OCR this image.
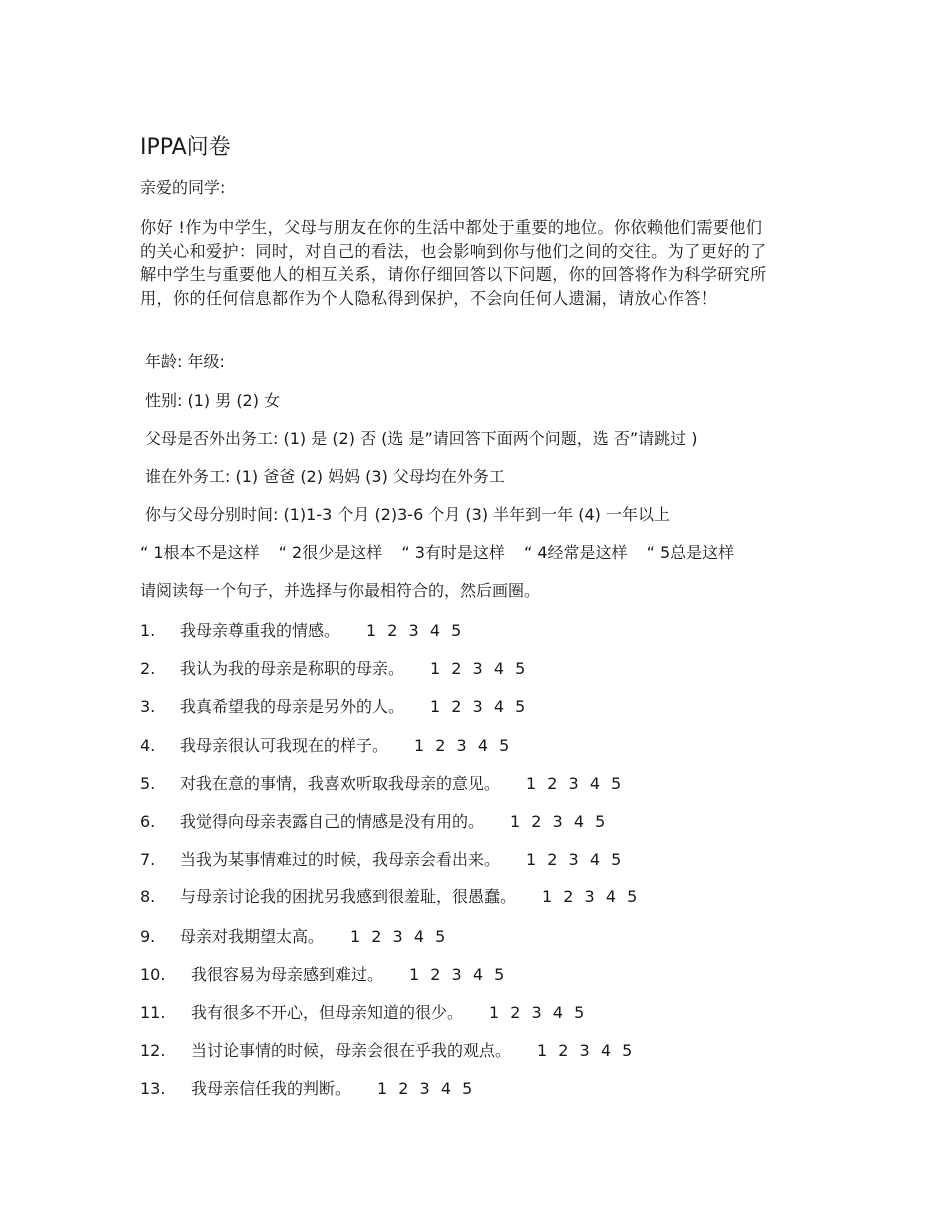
IPPA问卷
亲爱的同学:
你好 !作为中学生，父母与朋友在你的生活中都处于重要的地位。你依赖他们需要他们的关心和爱护：同时，对自己的看法，也会影响到你与他们之间的交往。为了更好的了解中学生与重要他人的相互关系，请你仔细回答以下问题，你的回答将作为科学研究所用，你的任何信息都作为个人隐私得到保护，不会向任何人遗漏，请放心作答！
年龄: 年级:
性别: (1) 男 (2) 女
父母是否外出务工: (1) 是 (2) 否 (选 是”请回答下面两个问题，选 否”请跳过 )
谁在外务工: (1) 爸爸 (2) 妈妈 (3) 父母均在外务工
你与父母分别时间: (1)1-3 个月 (2)3-6 个月 (3) 半年到一年 (4) 一年以上
“ 1根本不是这样 “ 2很少是这样 “ 3有时是这样 “ 4经常是这样 “ 5总是这样
请阅读每一个句子，并选择与你最相符合的，然后画圈。
1. 我母亲尊重我的情感。 1 2 3 4 5
2. 我认为我的母亲是称职的母亲。 1 2 3 4 5
3. 我真希望我的母亲是另外的人。 1 2 3 4 5
4. 我母亲很认可我现在的样子。 1 2 3 4 5
5. 对我在意的事情，我喜欢听取我母亲的意见。 1 2 3 4 5
6. 我觉得向母亲表露自己的情感是没有用的。 1 2 3 4 5
7. 当我为某事情难过的时候，我母亲会看出来。 1 2 3 4 5
8. 与母亲讨论我的困扰另我感到很羞耻，很愚蠢。 1 2 3 4 5
9. 母亲对我期望太高。 1 2 3 4 5
10. 我很容易为母亲感到难过。 1 2 3 4 5
11. 我有很多不开心，但母亲知道的很少。 1 2 3 4 5
12. 当讨论事情的时候，母亲会很在乎我的观点。 1 2 3 4 5
13. 我母亲信任我的判断。 1 2 3 4 5
